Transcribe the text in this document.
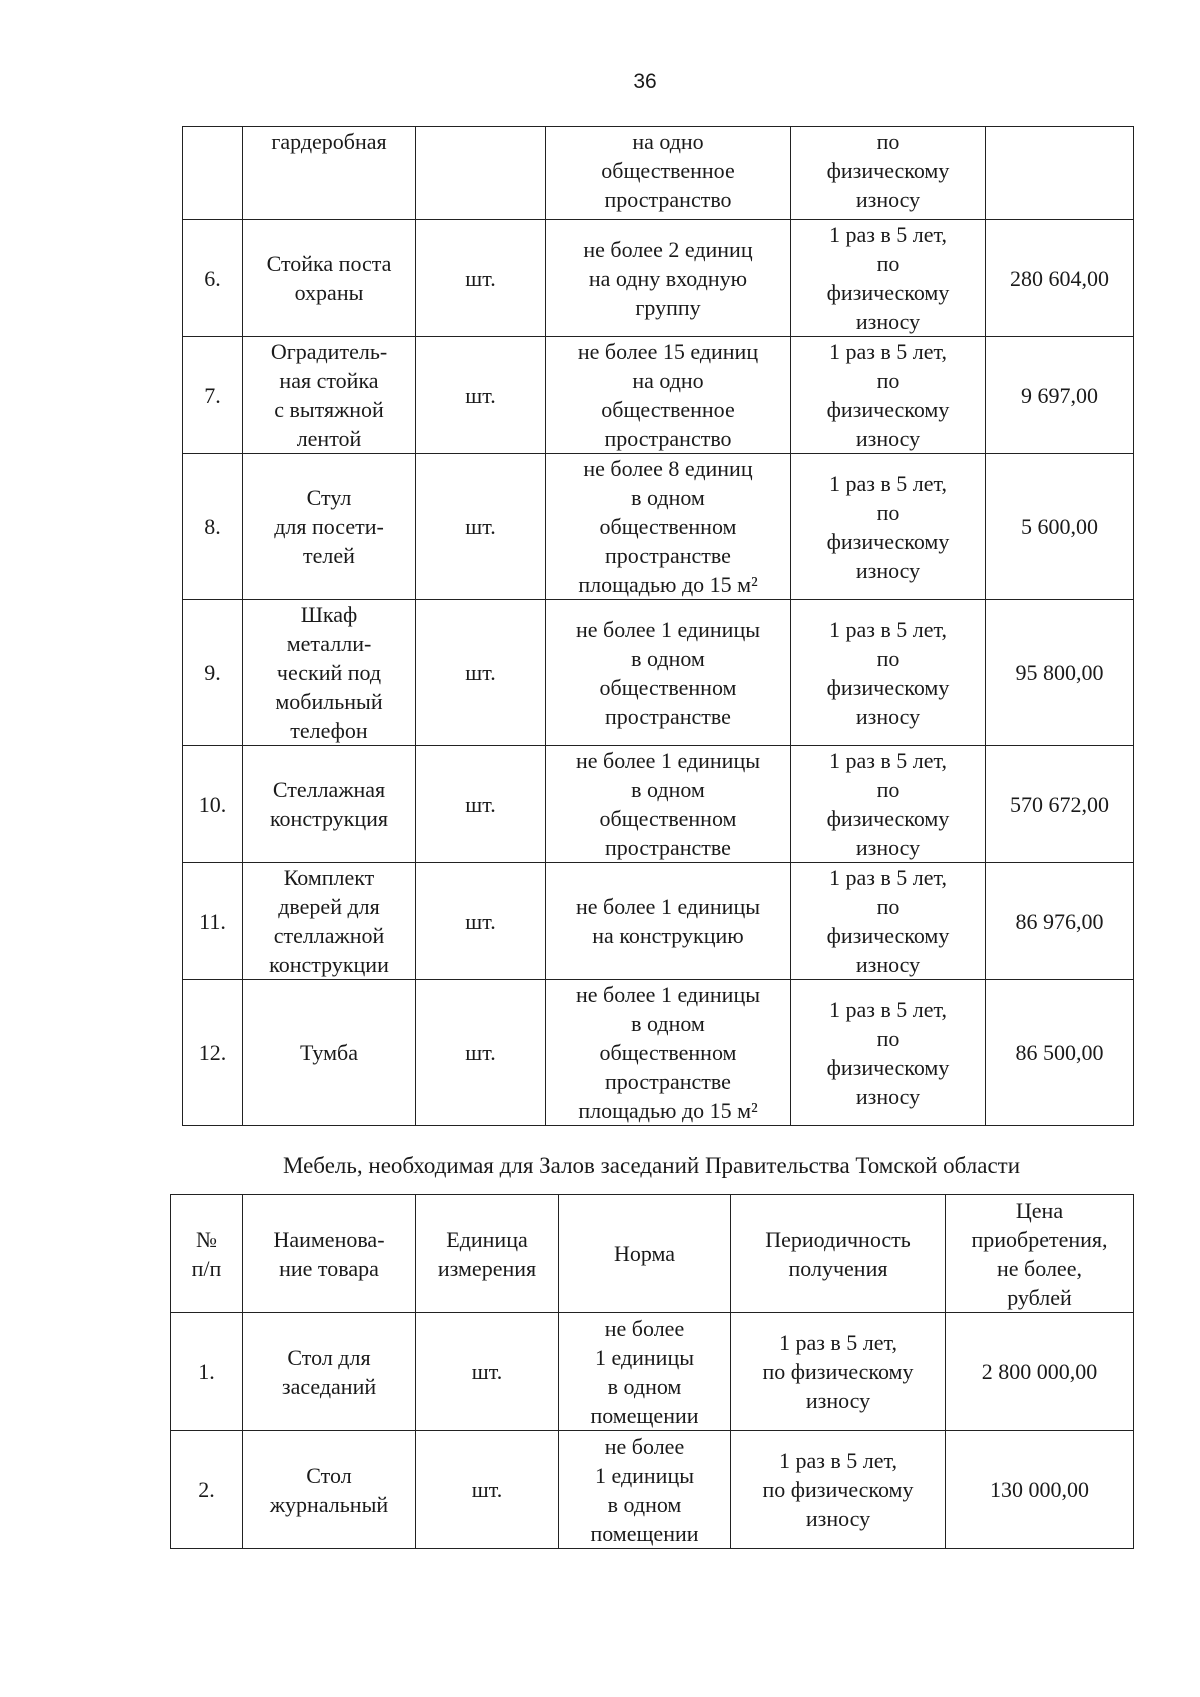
36

	гардеробная		на одно
общественное
пространство	по
физическому
износу	

6.	Стойка поста
охраны	шт.	не более 2 единиц
на одну входную
группу	1 раз в 5 лет,
по
физическому
износу	280 604,00

7.	Оградитель-
ная стойка
с вытяжной
лентой	шт.	не более 15 единиц
на одно
общественное
пространство	1 раз в 5 лет,
по
физическому
износу	9 697,00

8.	Стул
для посети-
телей	шт.	не более 8 единиц
в одном
общественном
пространстве
площадью до 15 м²	1 раз в 5 лет,
по
физическому
износу	5 600,00

9.	Шкаф
металли-
ческий под
мобильный
телефон	шт.	не более 1 единицы
в одном
общественном
пространстве	1 раз в 5 лет,
по
физическому
износу	95 800,00

10.	Стеллажная
конструкция	шт.	не более 1 единицы
в одном
общественном
пространстве	1 раз в 5 лет,
по
физическому
износу	570 672,00

11.	Комплект
дверей для
стеллажной
конструкции	шт.	не более 1 единицы
на конструкцию	1 раз в 5 лет,
по
физическому
износу	86 976,00

12.	Тумба	шт.	не более 1 единицы
в одном
общественном
пространстве
площадью до 15 м²	1 раз в 5 лет,
по
физическому
износу	86 500,00
Мебель, необходимая для Залов заседаний Правительства Томской области
№
п/п	Наименова-
ние товара	Единица
измерения	Норма	Периодичность
получения	Цена
приобретения,
не более,
рублей

1.	Стол для
заседаний	шт.	не более
1 единицы
в одном
помещении	1 раз в 5 лет,
по физическому
износу	2 800 000,00

2.	Стол
журнальный	шт.	не более
1 единицы
в одном
помещении	1 раз в 5 лет,
по физическому
износу	130 000,00
